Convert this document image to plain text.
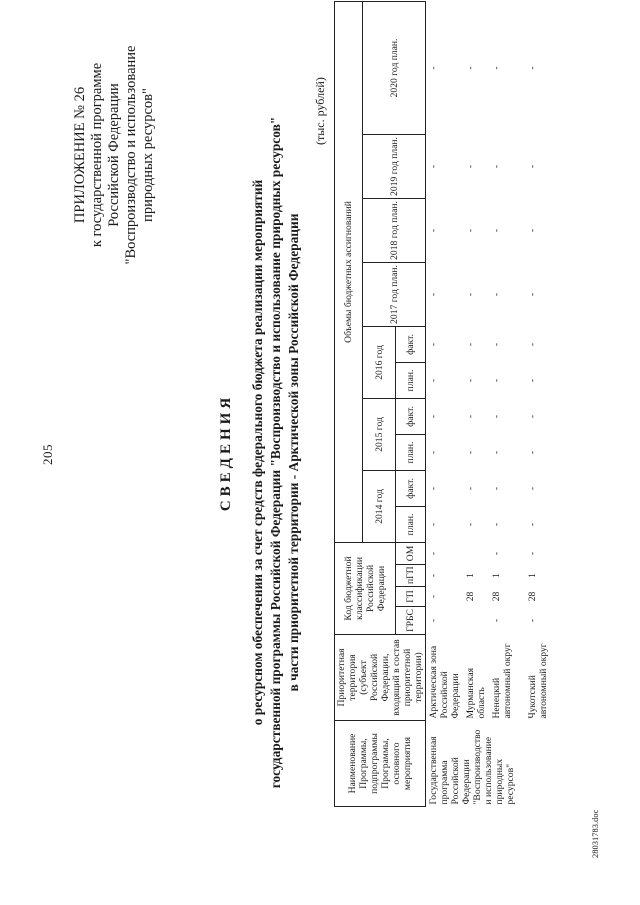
205
ПРИЛОЖЕНИЕ № 26 к государственной программе Российской Федерации "Воспроизводство и использование природных ресурсов"
СВЕДЕНИЯ о ресурсном обеспечении за счет средств федерального бюджета реализации мероприятий государственной программы Российской Федерации "Воспроизводство и использование природных ресурсов" в части приоритетной территории - Арктической зоны Российской Федерации
(тыс. рублей)
Наименование Программы, подпрограммы Программы, основного мероприятия	Приоритетная территория (субъект Российской Федерации, входящий в состав приоритетной территории)	Код бюджетной классификации Российской Федерации				Объемы бюджетных ассигнований									
						2014 год		2015 год		2016 год		2017 год план.	2018 год план.	2019 год план.	2020 год план.
		ГРБС	ГП	пГП	ОМ	план.	факт.	план.	факт.	план.	факт.				
Государственная программа Российской Федерации "Воспроизводство и использование природных ресурсов"	Арктическая зона Российской Федерации	-	-	-	-	-	-	-	-	-	-	-	-	-	-
	Мурманская область		28	1		-	-	-	-	-	-	-	-	-	-
	Ненецкий автономный округ	-	28	1	-	-	-	-	-	-	-	-	-	-	-
	Чукотский автономный округ	-	28	1	-	-	-	-	-	-	-	-	-	-	-
28031783.doc
